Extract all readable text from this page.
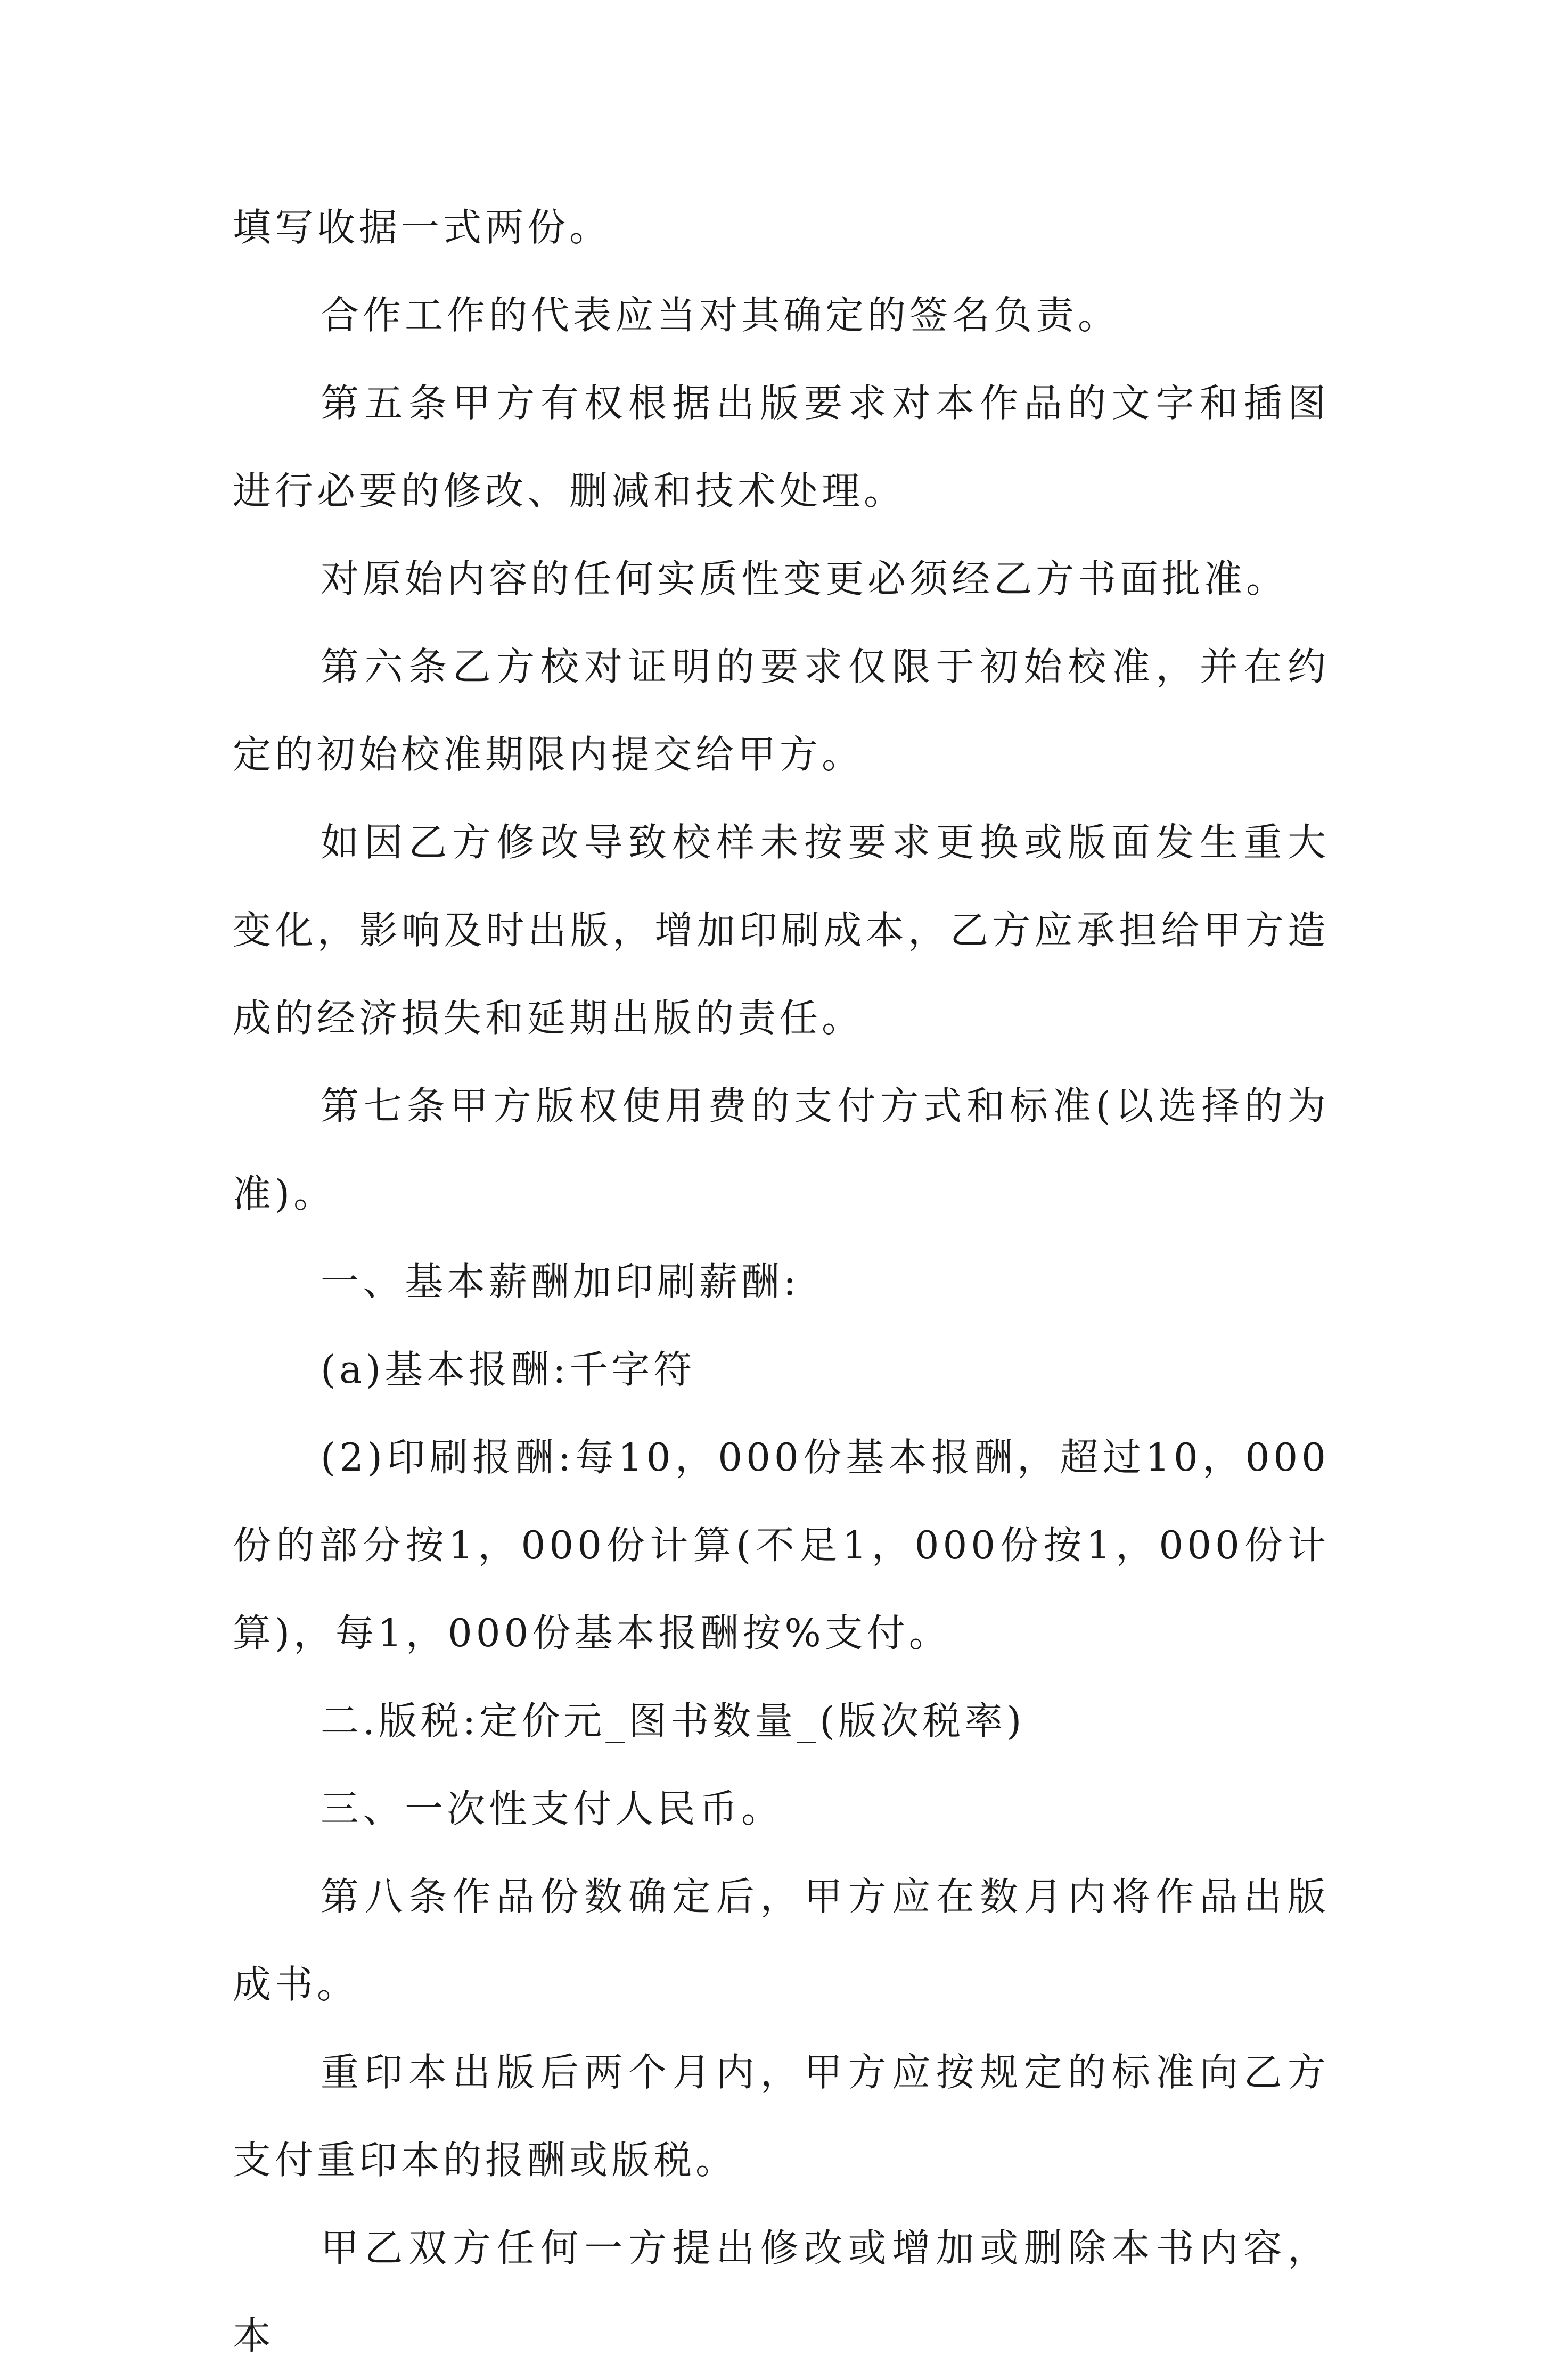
填写收据一式两份。

合作工作的代表应当对其确定的签名负责。

第五条甲方有权根据出版要求对本作品的文字和插图进行必要的修改、删减和技术处理。

对原始内容的任何实质性变更必须经乙方书面批准。

第六条乙方校对证明的要求仅限于初始校准，并在约定的初始校准期限内提交给甲方。

如因乙方修改导致校样未按要求更换或版面发生重大变化，影响及时出版，增加印刷成本，乙方应承担给甲方造成的经济损失和延期出版的责任。

第七条甲方版权使用费的支付方式和标准(以选择的为准)。

一、基本薪酬加印刷薪酬:

(a)基本报酬:千字符

(2)印刷报酬:每10，000份基本报酬，超过10，000份的部分按1，000份计算(不足1，000份按1，000份计算)，每1，000份基本报酬按%支付。

二.版税:定价元_图书数量_(版次税率)

三、一次性支付人民币。

第八条作品份数确定后，甲方应在数月内将作品出版成书。

重印本出版后两个月内，甲方应按规定的标准向乙方支付重印本的报酬或版税。

甲乙双方任何一方提出修改或增加或删除本书内容，本
